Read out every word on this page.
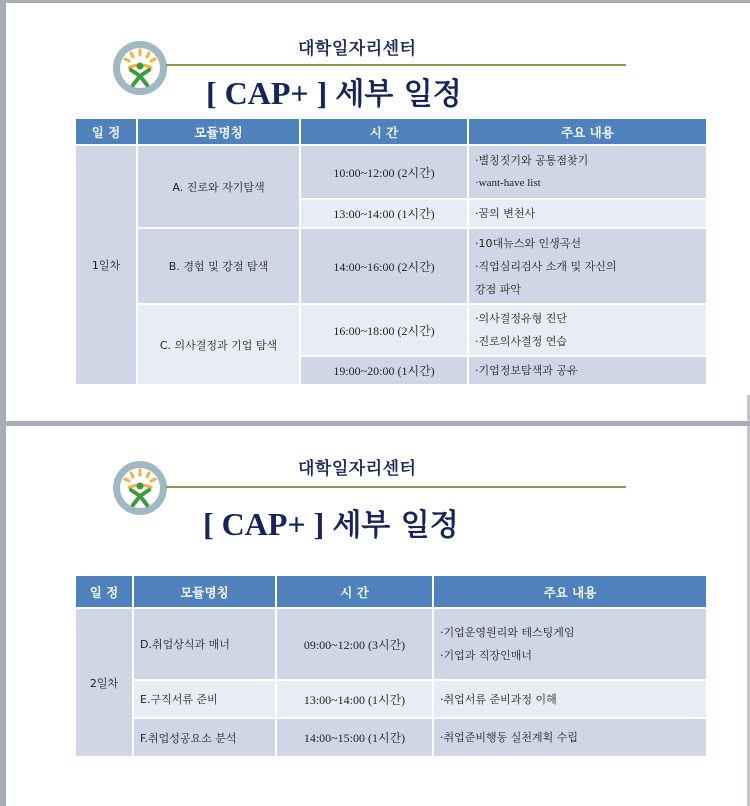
대학일자리센터
[ CAP+ ] 세부 일정
일 정	모듈명칭	시 간	주요 내용
1일차	A. 진로와 자기탐색	10:00~12:00 (2시간)	·별칭짓기와 공통점찾기
·want-have list

		13:00~14:00 (1시간)	·꿈의 변천사

	B. 경험 및 강점 탐색	14:00~16:00 (2시간)	·10대뉴스와 인생곡선
·직업심리검사 소개 및 자신의
강점 파악

	C. 의사결정과 기업 탐색	16:00~18:00 (2시간)	·의사결정유형 진단
·진로의사결정 연습

		19:00~20:00 (1시간)	·기업정보탐색과 공유
대학일자리센터
[ CAP+ ] 세부 일정
일 정	모듈명칭	시 간	주요 내용
2일차	D.취업상식과 매너	09:00~12:00 (3시간)	·기업운영원리와 테스팅게임
·기업과 직장인매너

	E.구직서류 준비	13:00~14:00 (1시간)	·취업서류 준비과정 이해

	F.취업성공요소 분석	14:00~15:00 (1시간)	·취업준비행동 실천계획 수립
